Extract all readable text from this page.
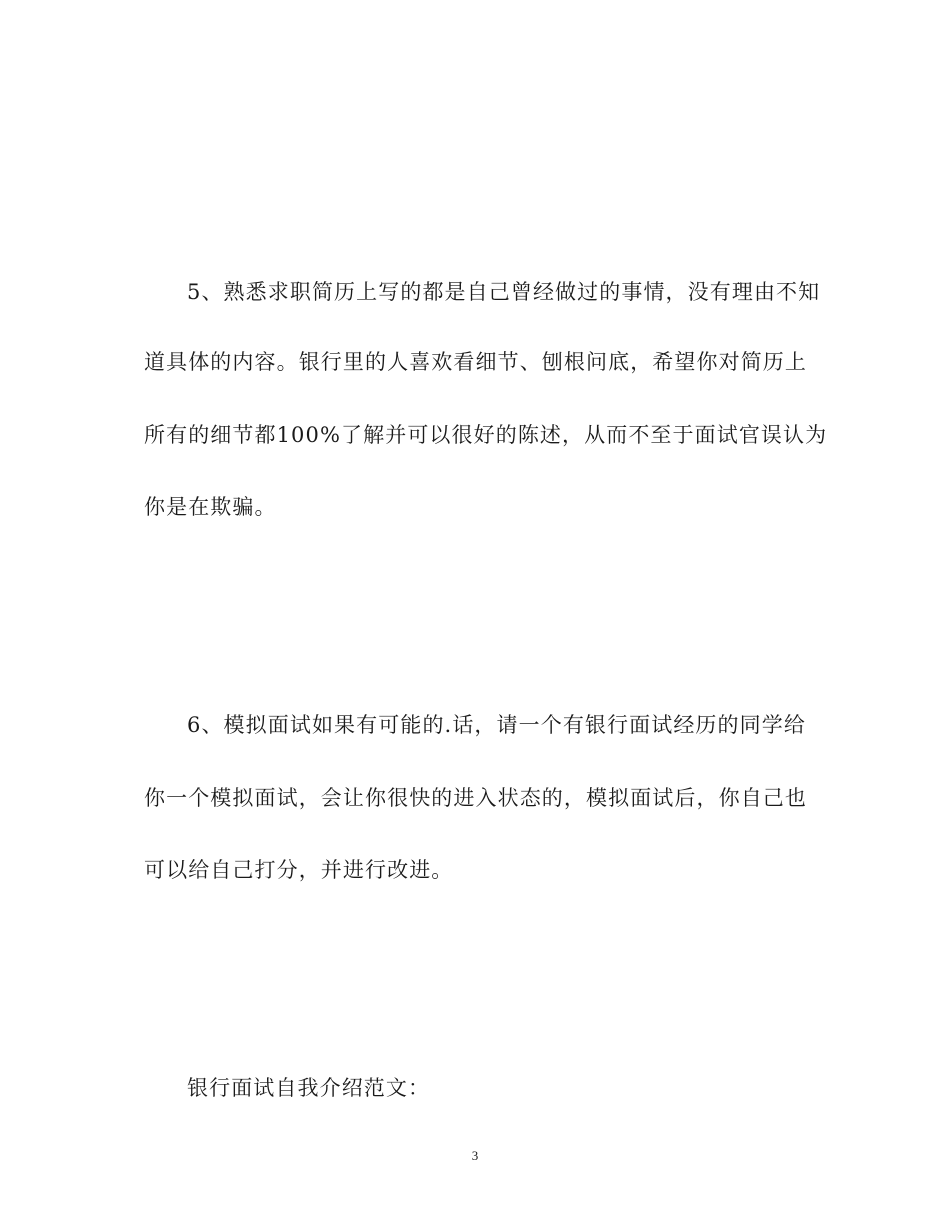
5、熟悉求职简历上写的都是自己曾经做过的事情，没有理由不知
道具体的内容。银行里的人喜欢看细节、刨根问底，希望你对简历上
所有的细节都100%了解并可以很好的陈述，从而不至于面试官误认为
你是在欺骗。
6、模拟面试如果有可能的.话，请一个有银行面试经历的同学给
你一个模拟面试，会让你很快的进入状态的，模拟面试后，你自己也
可以给自己打分，并进行改进。
银行面试自我介绍范文：
3
